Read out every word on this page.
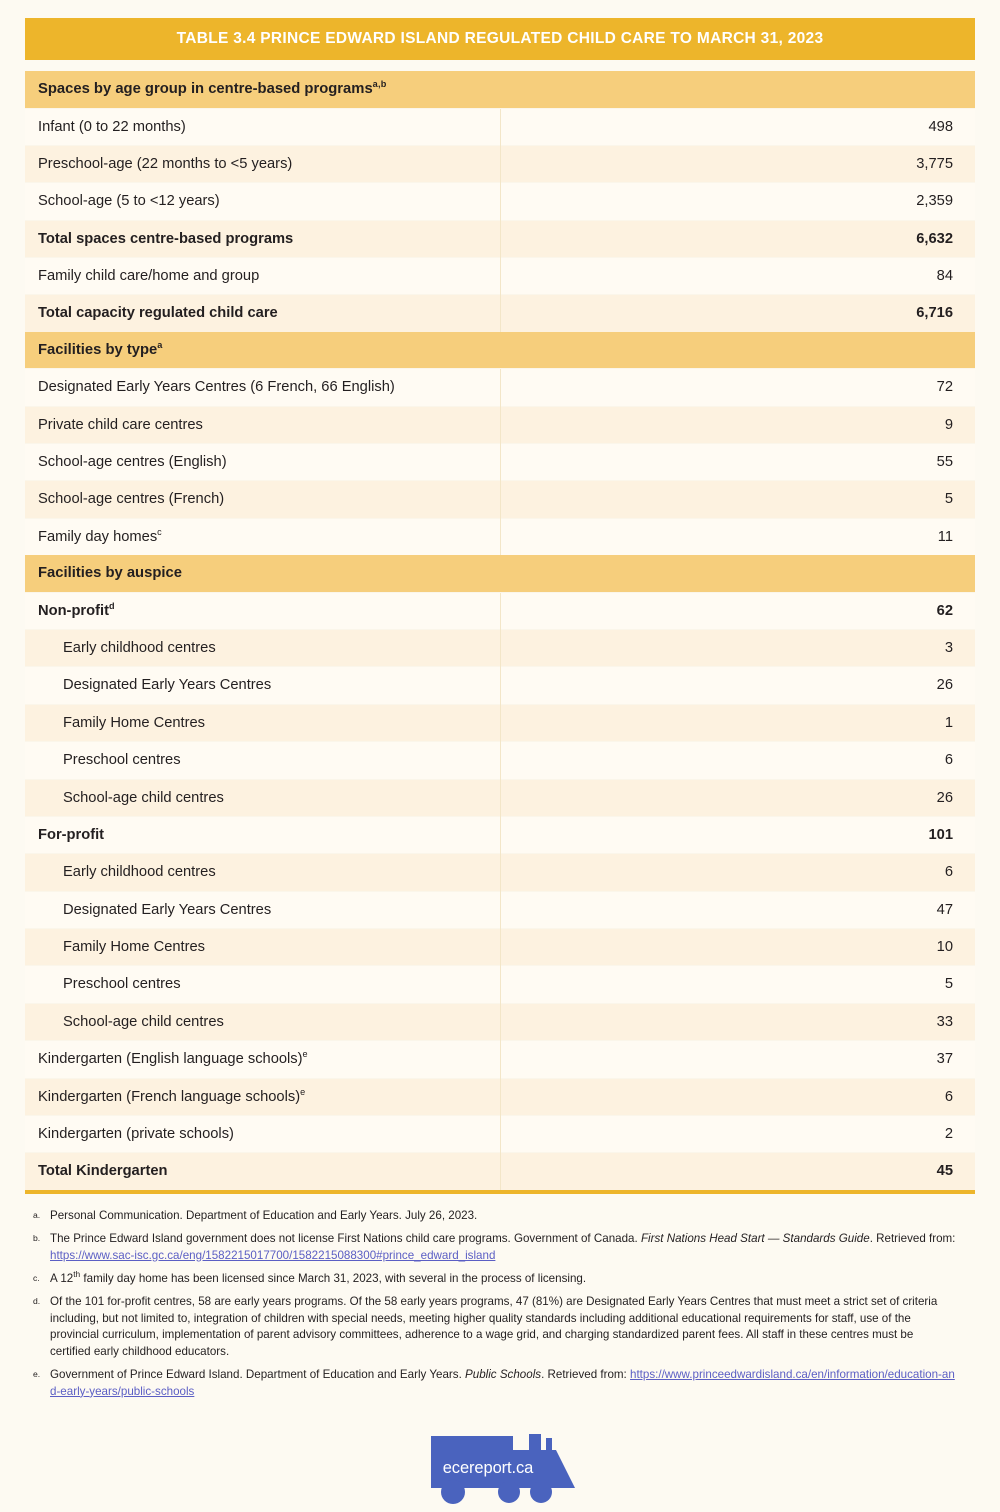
TABLE 3.4 PRINCE EDWARD ISLAND REGULATED CHILD CARE TO MARCH 31, 2023
Spaces by age group in centre-based programs$^{a,b}$
Infant (0 to 22 months)	498
Preschool-age (22 months to <5 years)	3,775
School-age (5 to <12 years)	2,359
Total spaces centre-based programs	6,632
Family child care/home and group	84
Total capacity regulated child care	6,716
Facilities by type$^a$
Designated Early Years Centres (6 French, 66 English)	72
Private child care centres	9
School-age centres (English)	55
School-age centres (French)	5
Family day homes$^c$	11
Facilities by auspice	
Non-profit$^d$	62
Early childhood centres	3
Designated Early Years Centres	26
Family Home Centres	1
Preschool centres	6
School-age child centres	26
For-profit	101
Early childhood centres	6
Designated Early Years Centres	47
Family Home Centres	10
Preschool centres	5
School-age child centres	33
Kindergarten (English language schools)$^e$	37
Kindergarten (French language schools)$^e$	6
Kindergarten (private schools)	2
Total Kindergarten	45
a. Personal Communication. Department of Education and Early Years. July 26, 2023.
b. The Prince Edward Island government does not license First Nations child care programs. Government of Canada. First Nations Head Start — Standards Guide. Retrieved from: https://www.sac-isc.gc.ca/eng/1582215017700/1582215088300#prince_edward_island
c. A 12th family day home has been licensed since March 31, 2023, with several in the process of licensing.
d. Of the 101 for-profit centres, 58 are early years programs. Of the 58 early years programs, 47 (81%) are Designated Early Years Centres that must meet a strict set of criteria including, but not limited to, integration of children with special needs, meeting higher quality standards including additional educational requirements for staff, use of the provincial curriculum, implementation of parent advisory committees, adherence to a wage grid, and charging standardized parent fees. All staff in these centres must be certified early childhood educators.
e. Government of Prince Edward Island. Department of Education and Early Years. Public Schools. Retrieved from: https://www.princeedwardisland.ca/en/information/education-and-early-years/public-schools
ecereport.ca
